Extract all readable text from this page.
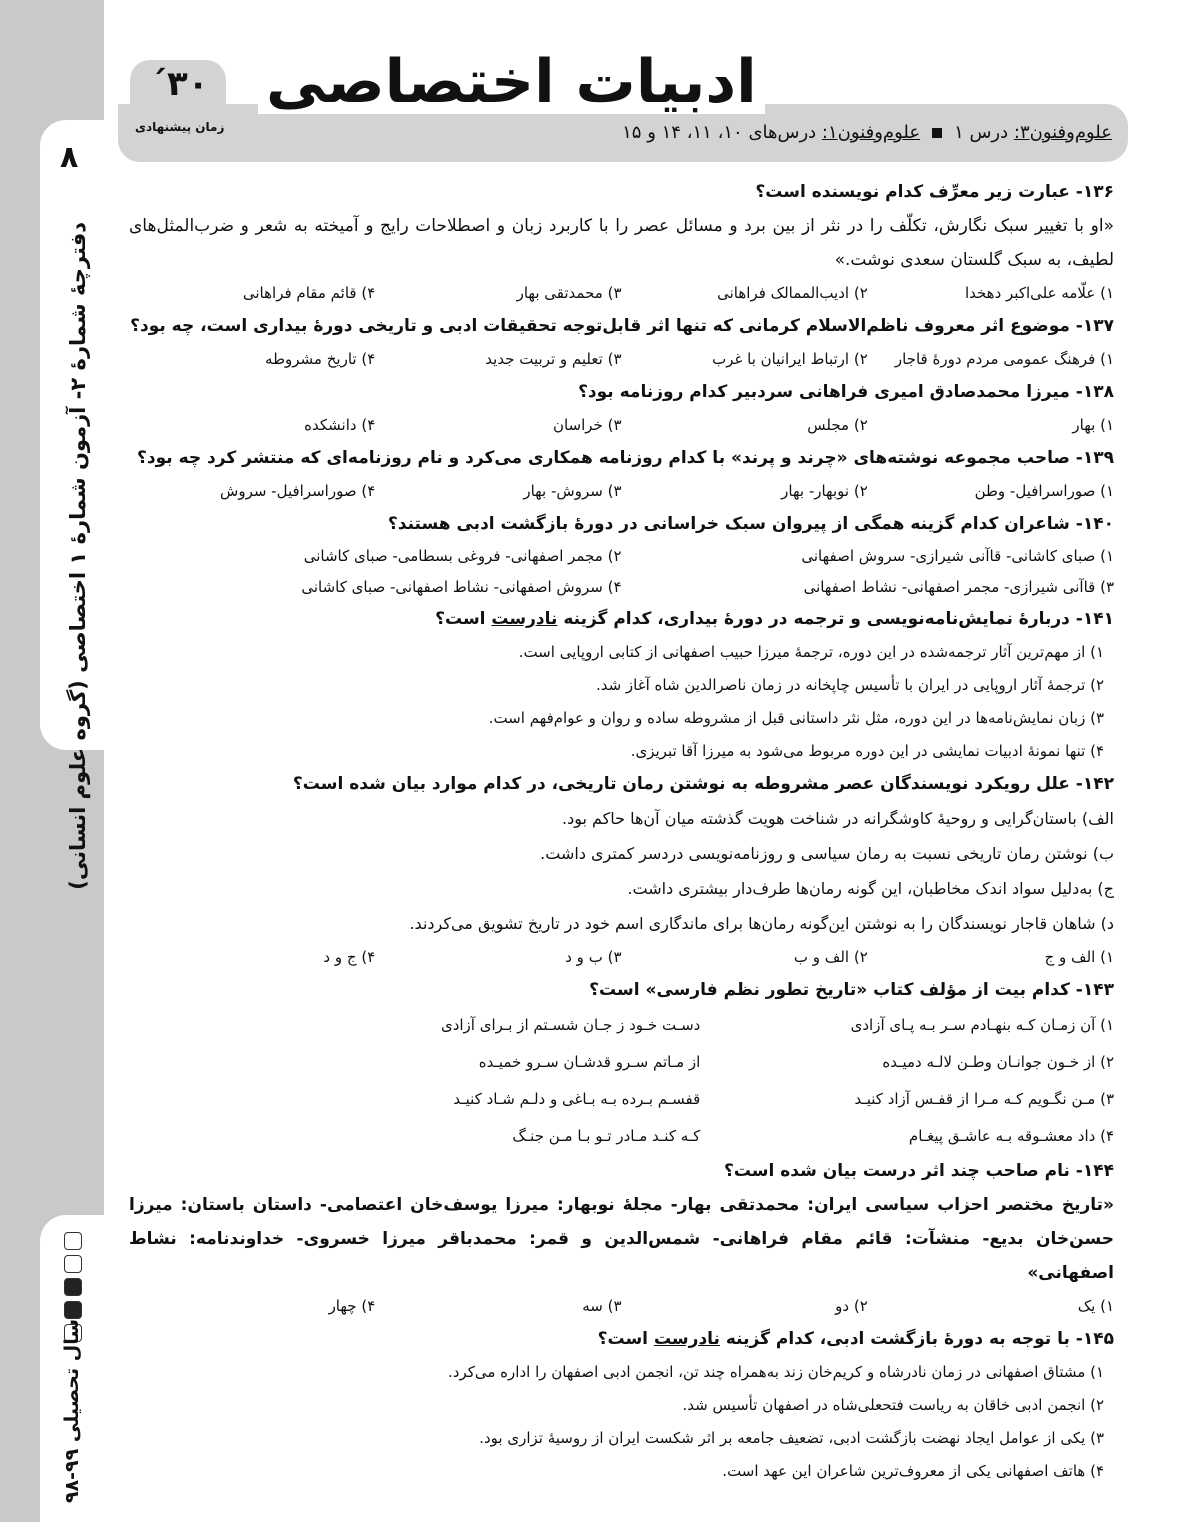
۸
دفترچهٔ شمارهٔ ۲- آزمون شمارهٔ ۱ اختصاصی (گروه علوم انسانی)
سال تحصیلی ۹۹-۹۸
۳۰´
زمان پیشنهادی
ادبیات اختصاصی
علوم‌وفنون۳: درس ۱علوم‌وفنون۱: درس‌های ۱۰، ۱۱، ۱۴ و ۱۵
۱۳۶- عبارت زیر معرِّف کدام نویسنده است؟
«او با تغییر سبک نگارش، تکلّف را در نثر از بین برد و مسائل عصر را با کاربرد زبان و اصطلاحات رایج و آمیخته به شعر و ضرب‌المثل‌های لطیف، به سبک گلستان سعدی نوشت.»
۱) علّامه علی‌اکبر دهخدا
۲) ادیب‌الممالک فراهانی
۳) محمدتقی بهار
۴) قائم مقام فراهانی
۱۳۷- موضوع اثر معروف ناظم‌الاسلام کرمانی که تنها اثر قابل‌توجه تحقیقات ادبی و تاریخی دورهٔ بیداری است، چه بود؟
۱) فرهنگ عمومی مردم دورهٔ قاجار
۲) ارتباط ایرانیان با غرب
۳) تعلیم و تربیت جدید
۴) تاریخ مشروطه
۱۳۸- میرزا محمدصادق امیری فراهانی سردبیر کدام روزنامه بود؟
۱) بهار
۲) مجلس
۳) خراسان
۴) دانشکده
۱۳۹- صاحب مجموعه نوشته‌های «چرند و پرند» با کدام روزنامه همکاری می‌کرد و نام روزنامه‌ای که منتشر کرد چه بود؟
۱) صوراسرافیل- وطن
۲) نوبهار- بهار
۳) سروش- بهار
۴) صوراسرافیل- سروش
۱۴۰- شاعران کدام گزینه همگی از پیروان سبک خراسانی در دورهٔ بازگشت ادبی هستند؟
۱) صبای کاشانی- قاآنی شیرازی- سروش اصفهانی
۲) مجمر اصفهانی- فروغی بسطامی- صبای کاشانی
۳) قاآنی شیرازی- مجمر اصفهانی- نشاط اصفهانی
۴) سروش اصفهانی- نشاط اصفهانی- صبای کاشانی
۱۴۱- دربارهٔ نمایش‌نامه‌نویسی و ترجمه در دورهٔ بیداری، کدام گزینه نادرست است؟
۱) از مهم‌ترین آثار ترجمه‌شده در این دوره، ترجمهٔ میرزا حبیب اصفهانی از کتابی اروپایی است.
۲) ترجمهٔ آثار اروپایی در ایران با تأسیس چاپخانه در زمان ناصرالدین شاه آغاز شد.
۳) زبان نمایش‌نامه‌ها در این دوره، مثل نثر داستانی قبل از مشروطه ساده و روان و عوام‌فهم است.
۴) تنها نمونهٔ ادبیات نمایشی در این دوره مربوط می‌شود به میرزا آقا تبریزی.
۱۴۲- علل رویکرد نویسندگان عصر مشروطه به نوشتن رمان تاریخی، در کدام موارد بیان شده است؟
الف) باستان‌گرایی و روحیهٔ کاوشگرانه در شناخت هویت گذشته میان آن‌ها حاکم بود.
ب) نوشتن رمان تاریخی نسبت به رمان سیاسی و روزنامه‌نویسی دردسر کمتری داشت.
ج) به‌دلیل سواد اندک مخاطبان، این گونه رمان‌ها طرف‌دار بیشتری داشت.
د) شاهان قاجار نویسندگان را به نوشتن این‌گونه رمان‌ها برای ماندگاری اسم خود در تاریخ تشویق می‌کردند.
۱) الف و ج
۲) الف و ب
۳) ب و د
۴) ج و د
۱۴۳- کدام بیت از مؤلف کتاب «تاریخ تطور نظم فارسی» است؟
۱) آن زمـان کـه بنهـادم سـر بـه پـای آزادی
دسـت خـود ز جـان شسـتم از بـرای آزادی
۲) از خـون جوانـان وطـن لالـه دمیـده
از مـاتم سـرو قدشـان سـرو خمیـده
۳) مـن نگـویم کـه مـرا از قفـس آزاد کنیـد
قفسـم بـرده بـه بـاغی و دلـم شـاد کنیـد
۴) داد معشـوقه بـه عاشـق پیغـام
کـه کنـد مـادر تـو بـا مـن جنـگ
۱۴۴- نام صاحب چند اثر درست بیان شده است؟
«تاریخ مختصر احزاب سیاسی ایران: محمدتقی بهار- مجلهٔ نوبهار: میرزا یوسف‌خان اعتصامی- داستان باستان: میرزا حسن‌خان بدیع- منشآت: قائم مقام فراهانی- شمس‌الدین و قمر: محمدباقر میرزا خسروی- خداوندنامه: نشاط اصفهانی»
۱) یک
۲) دو
۳) سه
۴) چهار
۱۴۵- با توجه به دورهٔ بازگشت ادبی، کدام گزینه نادرست است؟
۱) مشتاق اصفهانی در زمان نادرشاه و کریم‌خان زند به‌همراه چند تن، انجمن ادبی اصفهان را اداره می‌کرد.
۲) انجمن ادبی خاقان به ریاست فتحعلی‌شاه در اصفهان تأسیس شد.
۳) یکی از عوامل ایجاد نهضت بازگشت ادبی، تضعیف جامعه بر اثر شکست ایران از روسیهٔ تزاری بود.
۴) هاتف اصفهانی یکی از معروف‌ترین شاعران این عهد است.
